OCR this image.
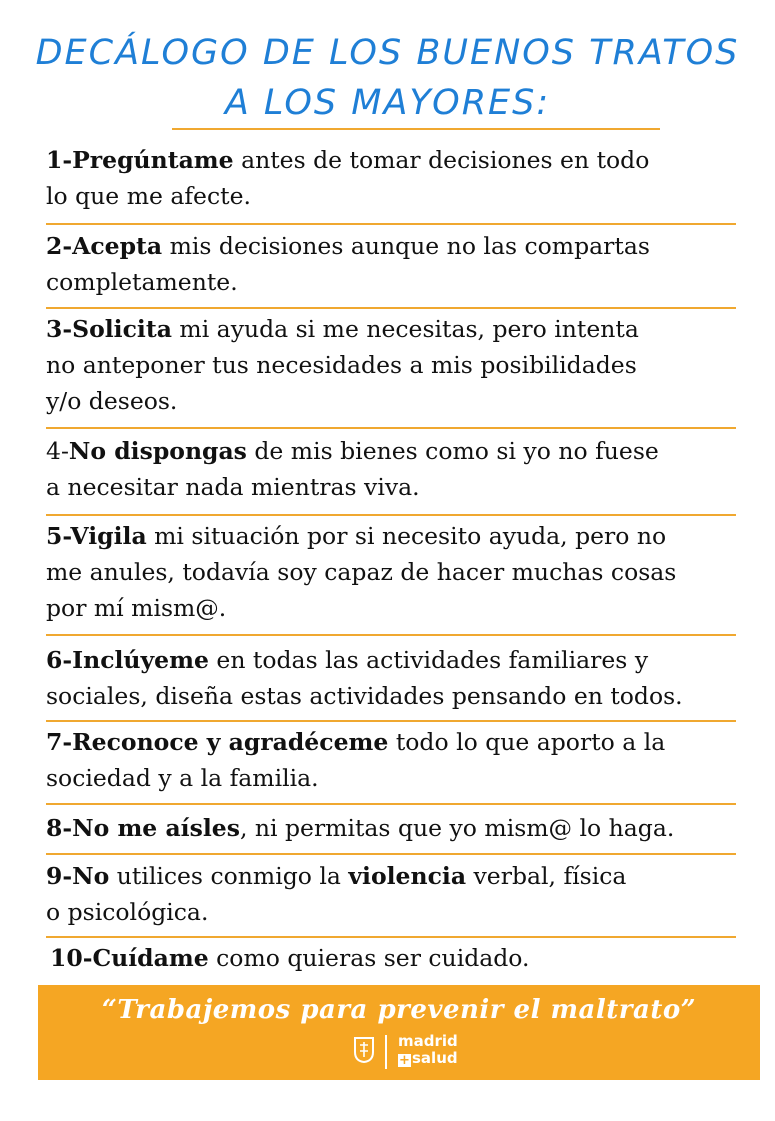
DECÁLOGO DE LOS BUENOS TRATOS
A LOS MAYORES:
1-Pregúntame antes de tomar decisiones en todo
lo que me afecte.
2-Acepta mis decisiones aunque no las compartas
completamente.
3-Solicita mi ayuda si me necesitas, pero intenta
no anteponer tus necesidades a mis posibilidades
y/o deseos.
4-No dispongas de mis bienes como si yo no fuese
a necesitar nada mientras viva.
5-Vigila mi situación por si necesito ayuda, pero no
me anules, todavía soy capaz de hacer muchas cosas
por mí mism@.
6-Inclúyeme en todas las actividades familiares y
sociales, diseña estas actividades pensando en todos.
7-Reconoce y agradéceme todo lo que aporto a la
sociedad y a la familia.
8-No me aísles, ni permitas que yo mism@ lo haga.
9-No utilices conmigo la violencia verbal, física
o psicológica.
10-Cuídame como quieras ser cuidado.
“Trabajemos para prevenir el maltrato”
madrid
+ salud
